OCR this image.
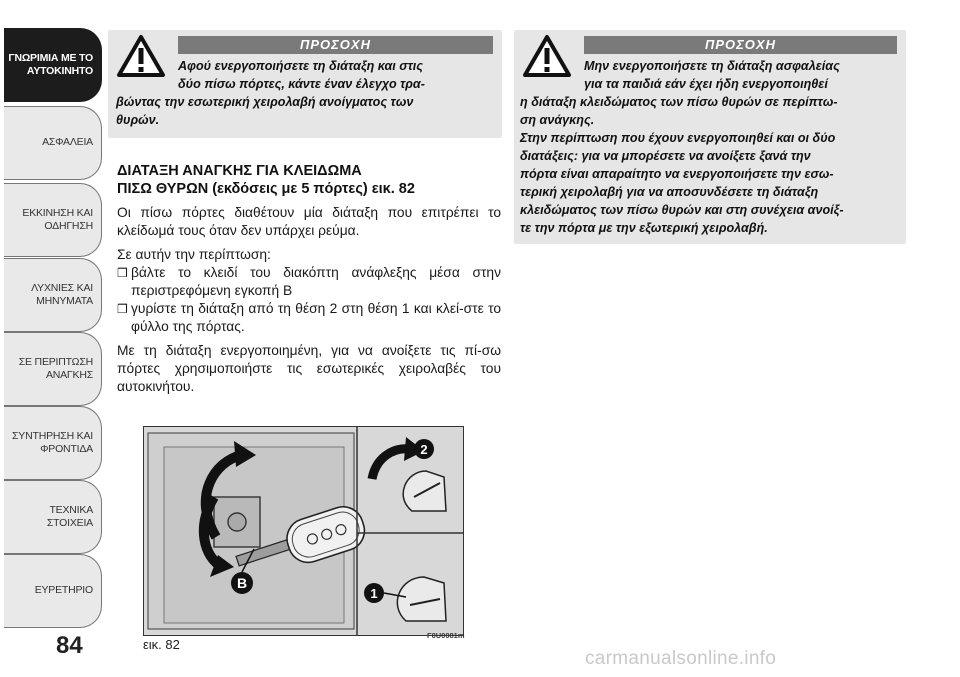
ΓΝΩΡΙΜΙΑ ΜΕ ΤΟ
ΑΥΤΟΚΙΝΗΤΟ
ΑΣΦΑΛΕΙΑ
ΕΚΚΙΝΗΣΗ ΚΑΙ
ΟΔΗΓΗΣΗ
ΛΥΧΝΙΕΣ ΚΑΙ
ΜΗΝΥΜΑΤΑ
ΣΕ ΠΕΡΙΠΤΩΣΗ
ΑΝΑΓΚΗΣ
ΣΥΝΤΗΡΗΣΗ ΚΑΙ
ΦΡΟΝΤΙΔΑ
ΤΕΧΝΙΚΑ ΣΤΟΙΧΕΙΑ
ΕΥΡΕΤΗΡΙΟ
84
ΠΡΟΣΟΧΗ
Αφού ενεργοποιήσετε τη διάταξη και στις
δύο πίσω πόρτες, κάντε έναν έλεγχο τρα-
βώντας την εσωτερική χειρολαβή ανοίγματος των
θυρών.
ΠΡΟΣΟΧΗ
Μην ενεργοποιήσετε τη διάταξη ασφαλείας
για τα παιδιά εάν έχει ήδη ενεργοποιηθεί
η διάταξη κλειδώματος των πίσω θυρών σε περίπτω-
ση ανάγκης.
Στην περίπτωση που έχουν ενεργοποιηθεί και οι δύο
διατάξεις: για να μπορέσετε να ανοίξετε ξανά την
πόρτα είναι απαραίτητο να ενεργοποιήσετε την εσω-
τερική χειρολαβή για να αποσυνδέσετε τη διάταξη
κλειδώματος των πίσω θυρών και στη συνέχεια ανοίξ-
τε την πόρτα με την εξωτερική χειρολαβή.
ΔΙΑΤΑΞΗ ΑΝΑΓΚΗΣ ΓΙΑ ΚΛΕΙΔΩΜΑ
ΠΙΣΩ ΘΥΡΩΝ (εκδόσεις με 5 πόρτες) εικ. 82
Οι πίσω πόρτες διαθέτουν μία διάταξη που επιτρέπει το κλείδωμά τους όταν δεν υπάρχει ρεύμα.
Σε αυτήν την περίπτωση:
❒ βάλτε το κλειδί του διακόπτη ανάφλεξης μέσα στην περιστρεφόμενη εγκοπή B
❒ γυρίστε τη διάταξη από τη θέση 2 στη θέση 1 και κλεί-στε το φύλλο της πόρτας.
Με τη διάταξη ενεργοποιημένη, για να ανοίξετε τις πί-σω πόρτες χρησιμοποιήστε τις εσωτερικές χειρολαβές του αυτοκινήτου.
B
2
1
F0U0081m
εικ. 82
carmanualsonline.info
